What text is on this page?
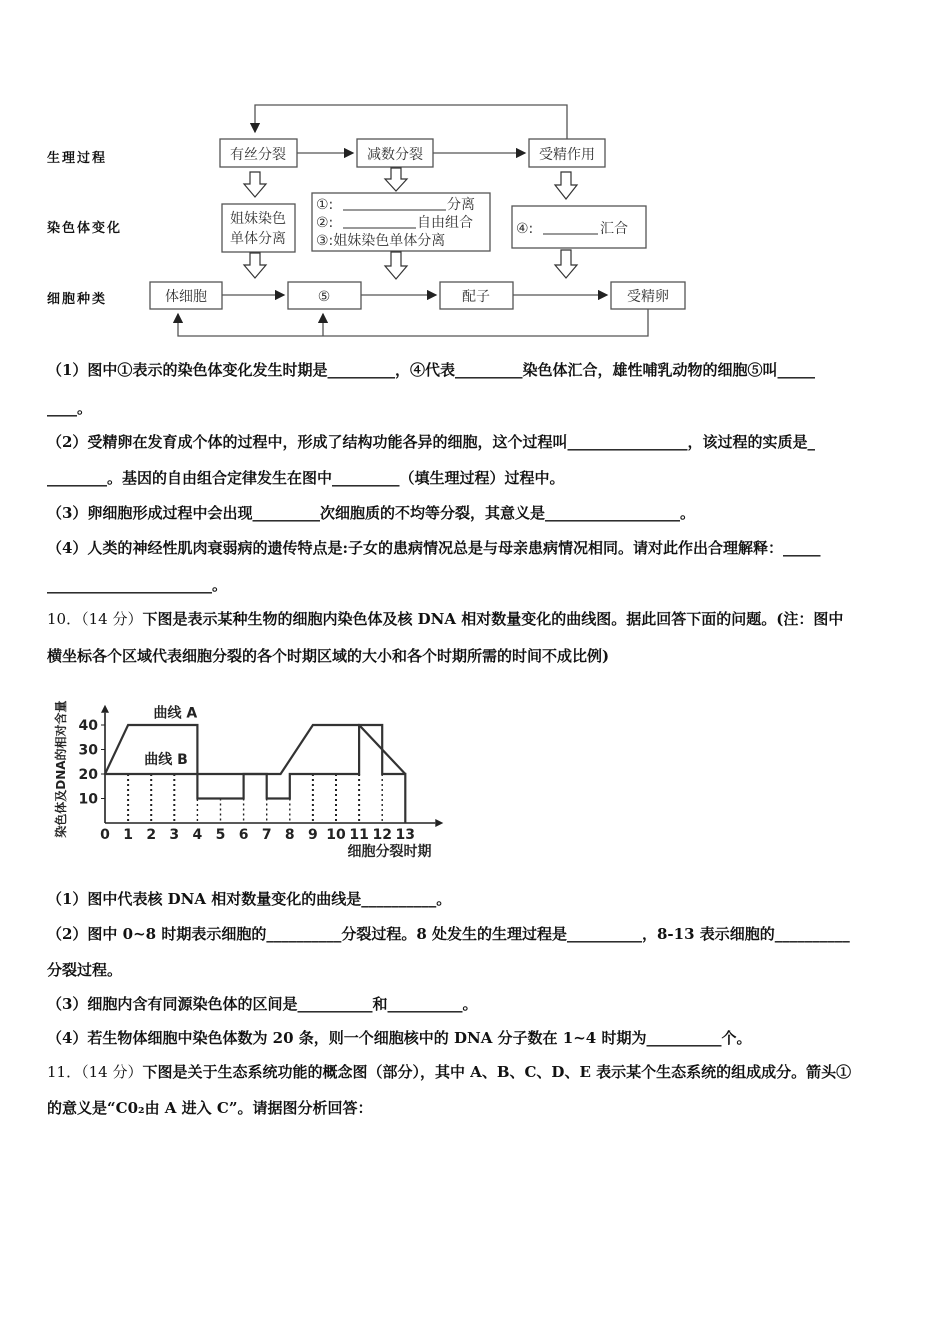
生理过程
染色体变化
细胞种类
有丝分裂	减数分裂	受精作用
姐妹染色
单体分离
①:	分离
②:	自由组合
③:姐妹染色单体分离
④:	汇合
体细胞	⑤	配子	受精卵
（1）图中①表示的染色体变化发生时期是_________，④代表_________染色体汇合，雄性哺乳动物的细胞⑤叫_____
____。
（2）受精卵在发育成个体的过程中，形成了结构功能各异的细胞，这个过程叫________________，该过程的实质是_
________。基因的自由组合定律发生在图中_________（填生理过程）过程中。
（3）卵细胞形成过程中会出现_________次细胞质的不均等分裂，其意义是__________________。
（4）人类的神经性肌肉衰弱病的遗传特点是:子女的患病情况总是与母亲患病情况相同。请对此作出合理解释：_____
______________________。
10．（14 分）下图是表示某种生物的细胞内染色体及核 DNA 相对数量变化的曲线图。据此回答下面的问题。(注：图中
横坐标各个区域代表细胞分裂的各个时期区域的大小和各个时期所需的时间不成比例)
10
20
30
40
0 1 2 3 4 5 6 7 8 9 10 11 12 13
曲线 A
曲线 B
染色体及DNA的相对含量
细胞分裂时期
（1）图中代表核 DNA 相对数量变化的曲线是__________。
（2）图中 0~8 时期表示细胞的__________分裂过程。8 处发生的生理过程是__________，8-13 表示细胞的__________
分裂过程。
（3）细胞内含有同源染色体的区间是__________和__________。
（4）若生物体细胞中染色体数为 20 条，则一个细胞核中的 DNA 分子数在 1~4 时期为__________个。
11．（14 分）下图是关于生态系统功能的概念图（部分），其中 A、B、C、D、E 表示某个生态系统的组成成分。箭头①
的意义是“C0₂由 A 进入 C”。请据图分析回答：
